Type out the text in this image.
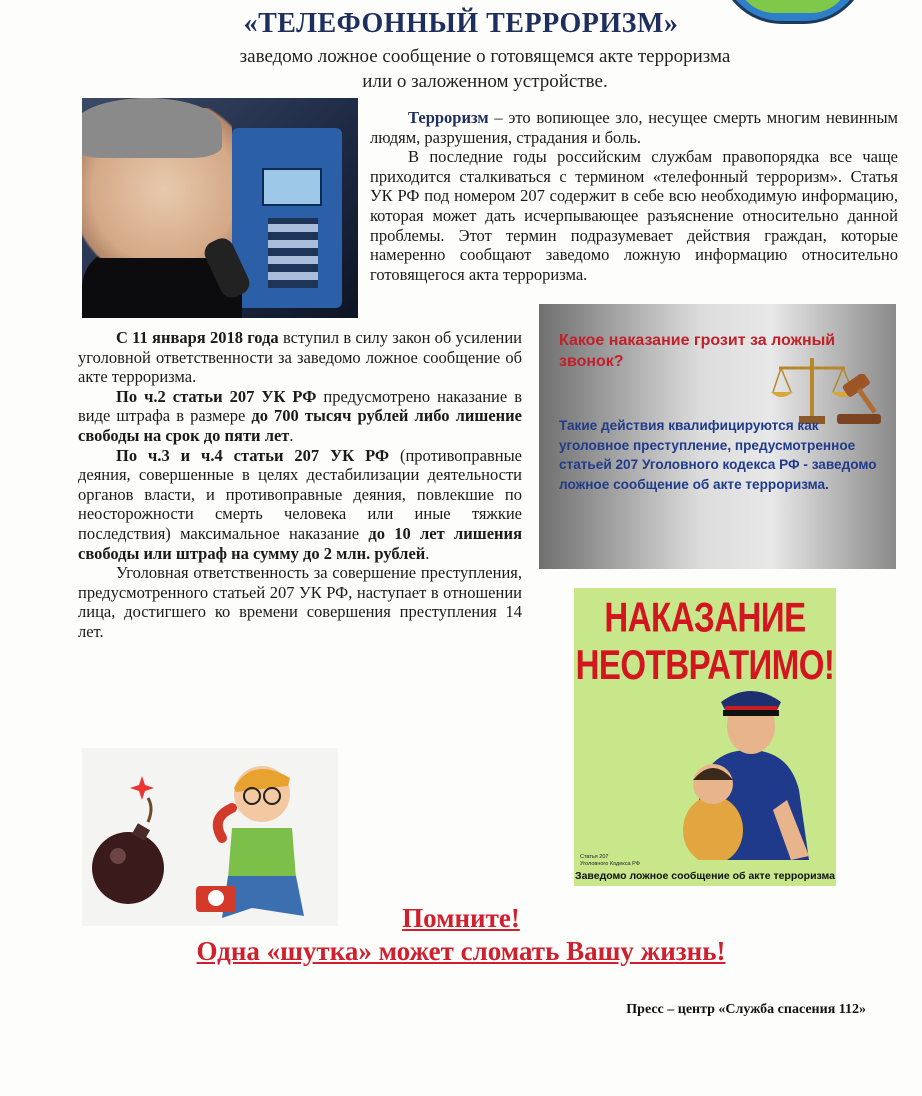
«ТЕЛЕФОННЫЙ ТЕРРОРИЗМ»
заведомо ложное сообщение о готовящемся акте терроризма
или о заложенном устройстве.
Терроризм – это вопиющее зло, несущее смерть многим невинным людям, разрушения, страдания и боль.
В последние годы российским службам правопорядка все чаще приходится сталкиваться с термином «телефонный терроризм». Статья УК РФ под номером 207 содержит в себе всю необходимую информацию, которая может дать исчерпывающее разъяснение относительно данной проблемы. Этот термин подразумевает действия граждан, которые намеренно сообщают заведомо ложную информацию относительно готовящегося акта терроризма.
С 11 января 2018 года вступил в силу закон об усилении уголовной ответственности за заведомо ложное сообщение об акте терроризма.
По ч.2 статьи 207 УК РФ предусмотрено наказание в виде штрафа в размере до 700 тысяч рублей либо лишение свободы на срок до пяти лет.
По ч.3 и ч.4 статьи 207 УК РФ (противоправные деяния, совершенные в целях дестабилизации деятельности органов власти, и противоправные деяния, повлекшие по неосторожности смерть человека или иные тяжкие последствия) максимальное наказание до 10 лет лишения свободы или штраф на сумму до 2 млн. рублей.
Уголовная ответственность за совершение преступления, предусмотренного статьей 207 УК РФ, наступает в отношении лица, достигшего ко времени совершения преступления 14 лет.
Какое наказание грозит за ложный звонок?
Такие действия квалифицируются как уголовное преступление, предусмотренное статьей 207 Уголовного кодекса РФ - заведомо ложное сообщение об акте терроризма.
НАКАЗАНИЕ
НЕОТВРАТИМО!
Статья 207
Уголовного Кодекса РФ
Заведомо ложное сообщение об акте терроризма
Помните!
Одна «шутка» может сломать Вашу жизнь!
Пресс – центр «Служба спасения 112»
